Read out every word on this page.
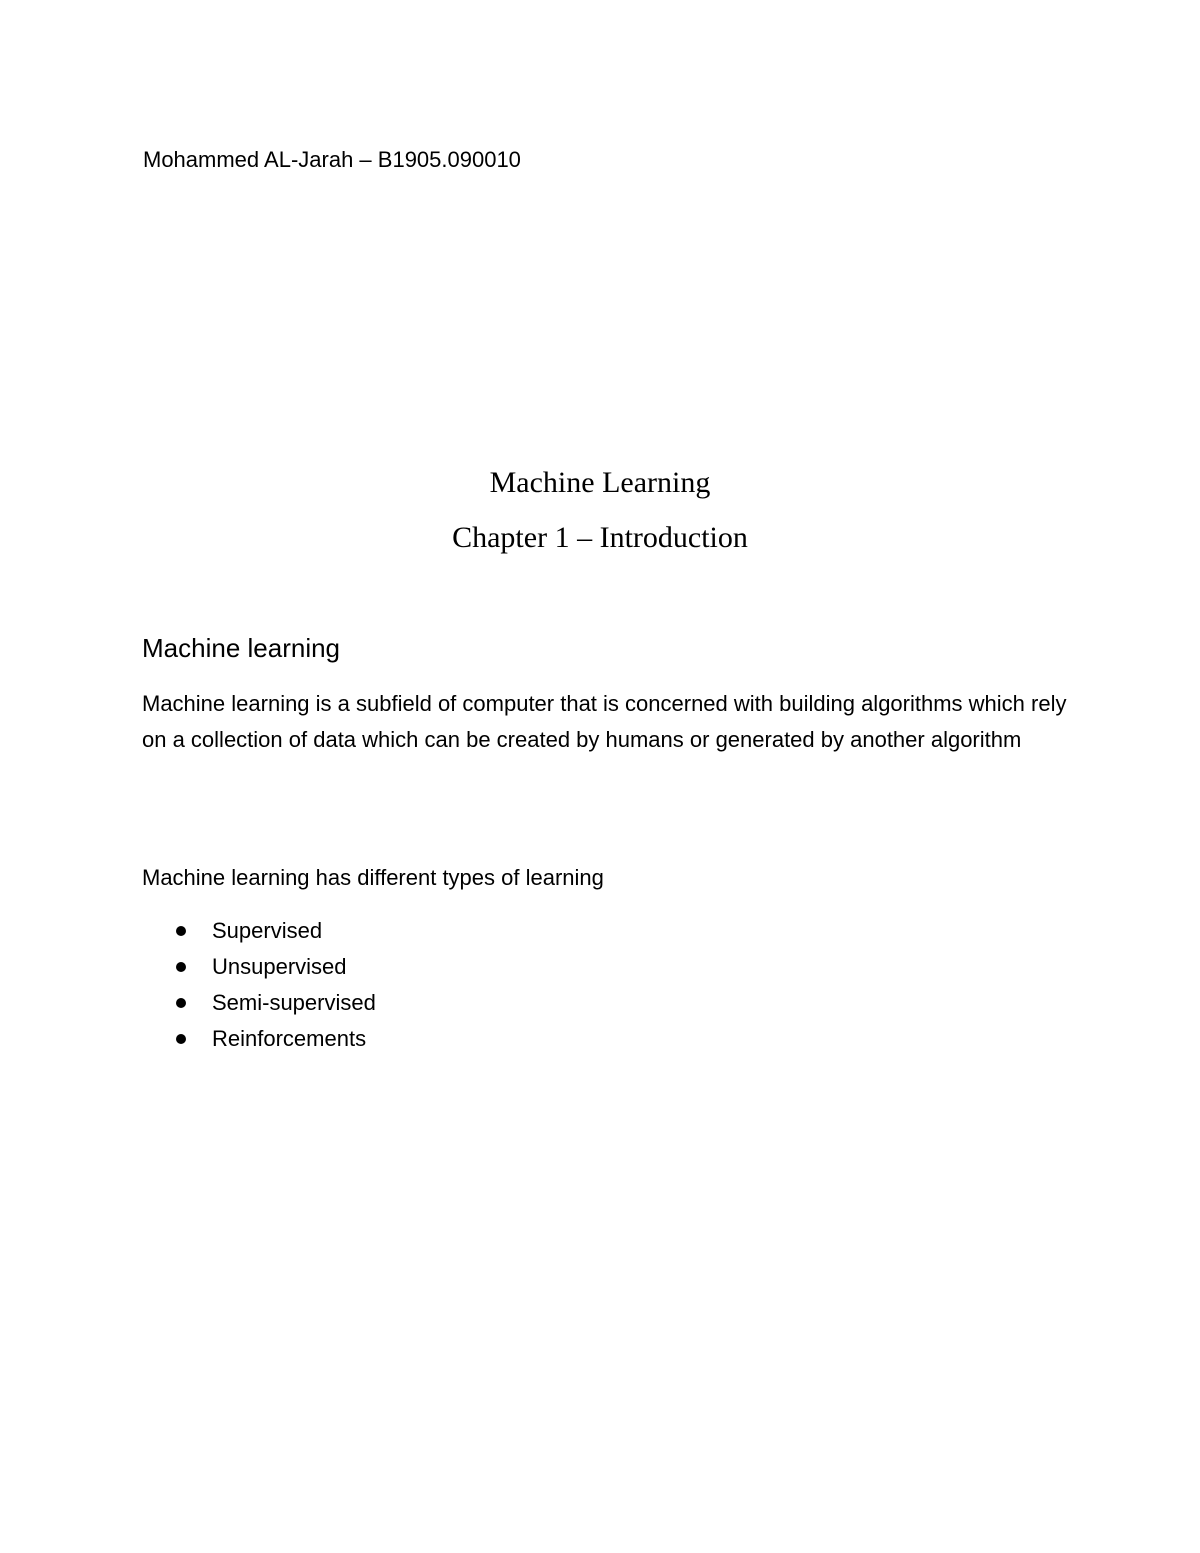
Mohammed AL-Jarah – B1905.090010
Machine Learning
Chapter 1 – Introduction
Machine learning
Machine learning is a subfield of computer that is concerned with building algorithms which rely on a collection of data which can be created by humans or generated by another algorithm
Machine learning has different types of learning
Supervised
Unsupervised
Semi-supervised
Reinforcements
